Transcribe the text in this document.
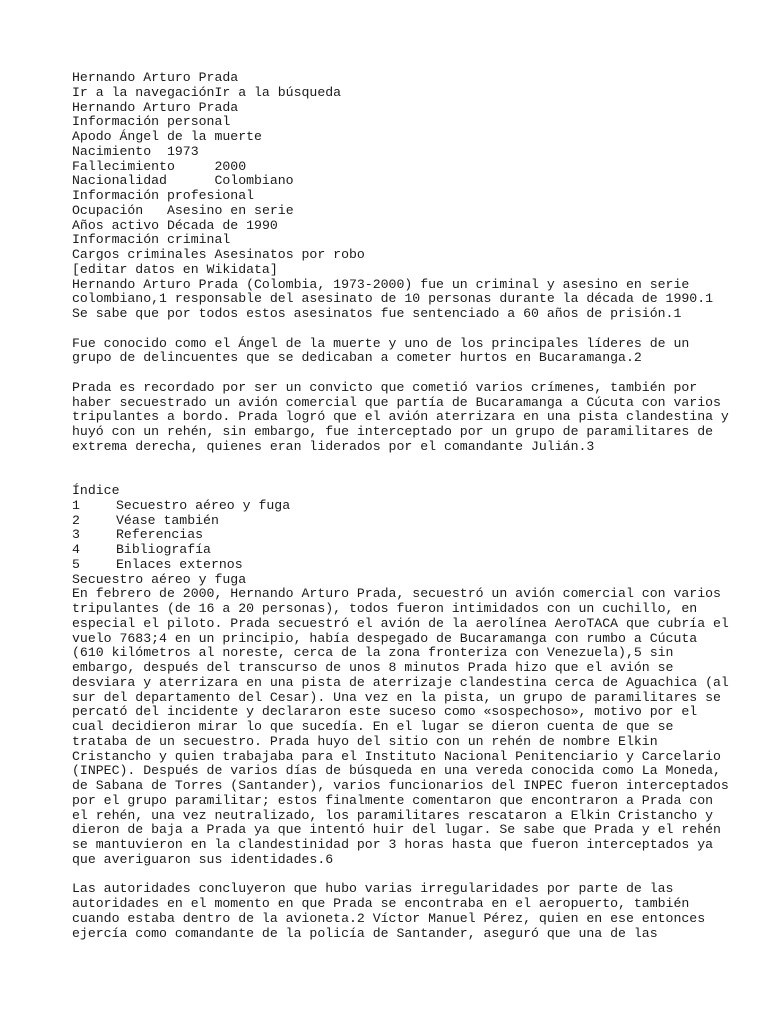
Hernando Arturo Prada
Ir a la navegaciónIr a la búsqueda
Hernando Arturo Prada
Información personal
Apodo Ángel de la muerte
Nacimiento 1973
Fallecimiento	2000
Nacionalidad	Colombiano
Información profesional
Ocupación Asesino en serie
Años activo Década de 1990
Información criminal
Cargos criminales Asesinatos por robo
[editar datos en Wikidata]
Hernando Arturo Prada (Colombia, 1973-2000) fue un criminal y asesino en serie
colombiano,1 responsable del asesinato de 10 personas durante la década de 1990.1
Se sabe que por todos estos asesinatos fue sentenciado a 60 años de prisión.1
Fue conocido como el Ángel de la muerte y uno de los principales líderes de un
grupo de delincuentes que se dedicaban a cometer hurtos en Bucaramanga.2
Prada es recordado por ser un convicto que cometió varios crímenes, también por
haber secuestrado un avión comercial que partía de Bucaramanga a Cúcuta con varios
tripulantes a bordo. Prada logró que el avión aterrizara en una pista clandestina y
huyó con un rehén, sin embargo, fue interceptado por un grupo de paramilitares de
extrema derecha, quienes eran liderados por el comandante Julián.3
Índice
1	Secuestro aéreo y fuga
2	Véase también
3	Referencias
4	Bibliografía
5	Enlaces externos
Secuestro aéreo y fuga
En febrero de 2000, Hernando Arturo Prada, secuestró un avión comercial con varios
tripulantes (de 16 a 20 personas), todos fueron intimidados con un cuchillo, en
especial el piloto. Prada secuestró el avión de la aerolínea AeroTACA que cubría el
vuelo 7683;4 en un principio, había despegado de Bucaramanga con rumbo a Cúcuta
(610 kilómetros al noreste, cerca de la zona fronteriza con Venezuela),5 sin
embargo, después del transcurso de unos 8 minutos Prada hizo que el avión se
desviara y aterrizara en una pista de aterrizaje clandestina cerca de Aguachica (al
sur del departamento del Cesar). Una vez en la pista, un grupo de paramilitares se
percató del incidente y declararon este suceso como «sospechoso», motivo por el
cual decidieron mirar lo que sucedía. En el lugar se dieron cuenta de que se
trataba de un secuestro. Prada huyo del sitio con un rehén de nombre Elkin
Cristancho y quien trabajaba para el Instituto Nacional Penitenciario y Carcelario
(INPEC). Después de varios días de búsqueda en una vereda conocida como La Moneda,
de Sabana de Torres (Santander), varios funcionarios del INPEC fueron interceptados
por el grupo paramilitar; estos finalmente comentaron que encontraron a Prada con
el rehén, una vez neutralizado, los paramilitares rescataron a Elkin Cristancho y
dieron de baja a Prada ya que intentó huir del lugar. Se sabe que Prada y el rehén
se mantuvieron en la clandestinidad por 3 horas hasta que fueron interceptados ya
que averiguaron sus identidades.6
Las autoridades concluyeron que hubo varias irregularidades por parte de las
autoridades en el momento en que Prada se encontraba en el aeropuerto, también
cuando estaba dentro de la avioneta.2 Víctor Manuel Pérez, quien en ese entonces
ejercía como comandante de la policía de Santander, aseguró que una de las
